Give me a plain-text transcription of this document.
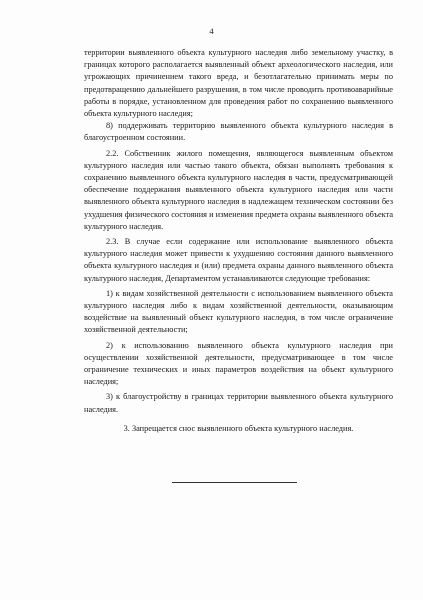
4

территории выявленного объекта культурного наследия либо земельному участку, в границах которого располагается выявленный объект археологического наследия, или угрожающих причинением такого вреда, и безотлагательно принимать меры по предотвращению дальнейшего разрушения, в том числе проводить противоаварийные работы в порядке, установленном для проведения работ по сохранению выявленного объекта культурного наследия;

8) поддерживать территорию выявленного объекта культурного наследия в благоустроенном состоянии.

2.2. Собственник жилого помещения, являющегося выявленным объектом культурного наследия или частью такого объекта, обязан выполнять требования к сохранению выявленного объекта культурного наследия в части, предусматривающей обеспечение поддержания выявленного объекта культурного наследия или части выявленного объекта культурного наследия в надлежащем техническом состоянии без ухудшения физического состояния и изменения предмета охраны выявленного объекта культурного наследия.

2.3. В случае если содержание или использование выявленного объекта культурного наследия может привести к ухудшению состояния данного выявленного объекта культурного наследия и (или) предмета охраны данного выявленного объекта культурного наследия, Департаментом устанавливаются следующие требования:

1) к видам хозяйственной деятельности с использованием выявленного объекта культурного наследия либо к видам хозяйственной деятельности, оказывающим воздействие на выявленный объект культурного наследия, в том числе ограничение хозяйственной деятельности;

2) к использованию выявленного объекта культурного наследия при осуществлении хозяйственной деятельности, предусматривающее в том числе ограничение технических и иных параметров воздействия на объект культурного наследия;

3) к благоустройству в границах территории выявленного объекта культурного наследия.

3. Запрещается снос выявленного объекта культурного наследия.
